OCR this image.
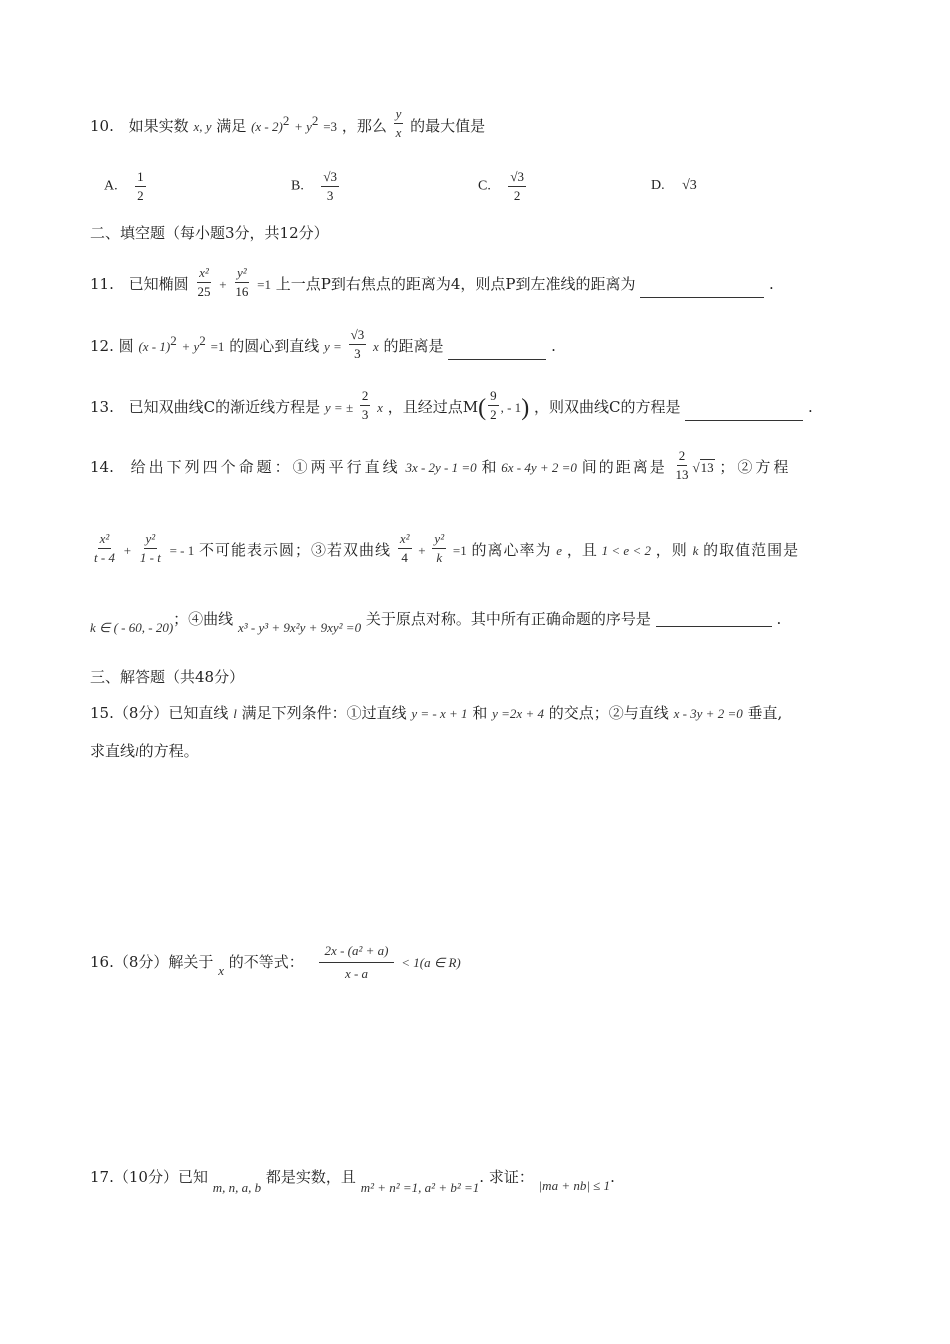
10. 如果实数 x, y 满足 $(x - 2)^2 + y^2 =3$ ，那么 $\frac{y}{x}$ 的最大值是
A. $\frac{1}{2}$	B. $\frac{√3}{3}$	C. $\frac{√3}{2}$	D. √3
二、填空题（每小题3分，共12分）
11. 已知椭圆 $\frac{\text{x²}}{25} + \frac{\text{y²}}{16} =1$ 上一点P到右焦点的距离为4，则点P到左准线的距离为	.
12. 圆 $(x - 1)^2 + y^2 =1$ 的圆心到直线 $y = \frac{√3}{3}$ x 的距离是	.
13. 已知双曲线C的渐近线方程是 y = ± $\frac{2}{3}$ x ，且经过点$M( \frac{9}{2}$ , - 1) ，则双曲线C的方程是	.
14. 给出下列四个命题：①两平行直线 3x - 2y - 1 =0 和 6x - 4y + 2 =0 间的距离是 $\frac{2}{13} √13$ ；②方程
$\frac{\text{x²}}{t - 4} + \frac{\text{y²}}{1 - t}$ = - 1 不可能表示圆；③若双曲线 $\frac{\text{x²}}{4} + \frac{\text{y²}}{k} =1$ 的离心率为 e ，且 1 < e < 2 ，则 k 的取值范围是
k ∈ ( - 60, - 20)；④曲线 x³ - y³ + 9x²y + 9xy² =0 关于原点对称。其中所有正确命题的序号是	.
三、解答题（共48分）
15.（8分）已知直线 l 满足下列条件：①过直线 y = - x + 1 和 y =2x + 4 的交点；②与直线 x - 3y + 2 =0 垂直,
求直线l的方程。
16.（8分）解关于 x 的不等式： $\frac{\text{2x - (a² + a)}}{x - a} < 1(a$ ∈ R)
17.（10分）已知 m, n, a, b 都是实数，且 m² + n² =1, a² + b² =1. 求证： |ma + nb| ≤ 1.
